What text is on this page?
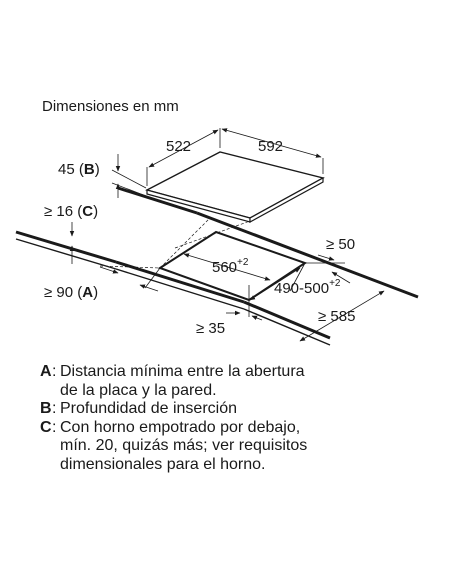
Dimensiones en mm
522	592
45 (B)
$560^{+2}$
$490-500^{+2}$
≥ 50
≥ 16 (C)
≥ 90 (A)
≥ 35
≥ 585
A : Distancia mínima entre la abertura
de la placa y la pared.
B : Profundidad de inserción
C : Con horno empotrado por debajo,
mín. 20, quizás más; ver requisitos
dimensionales para el horno.
